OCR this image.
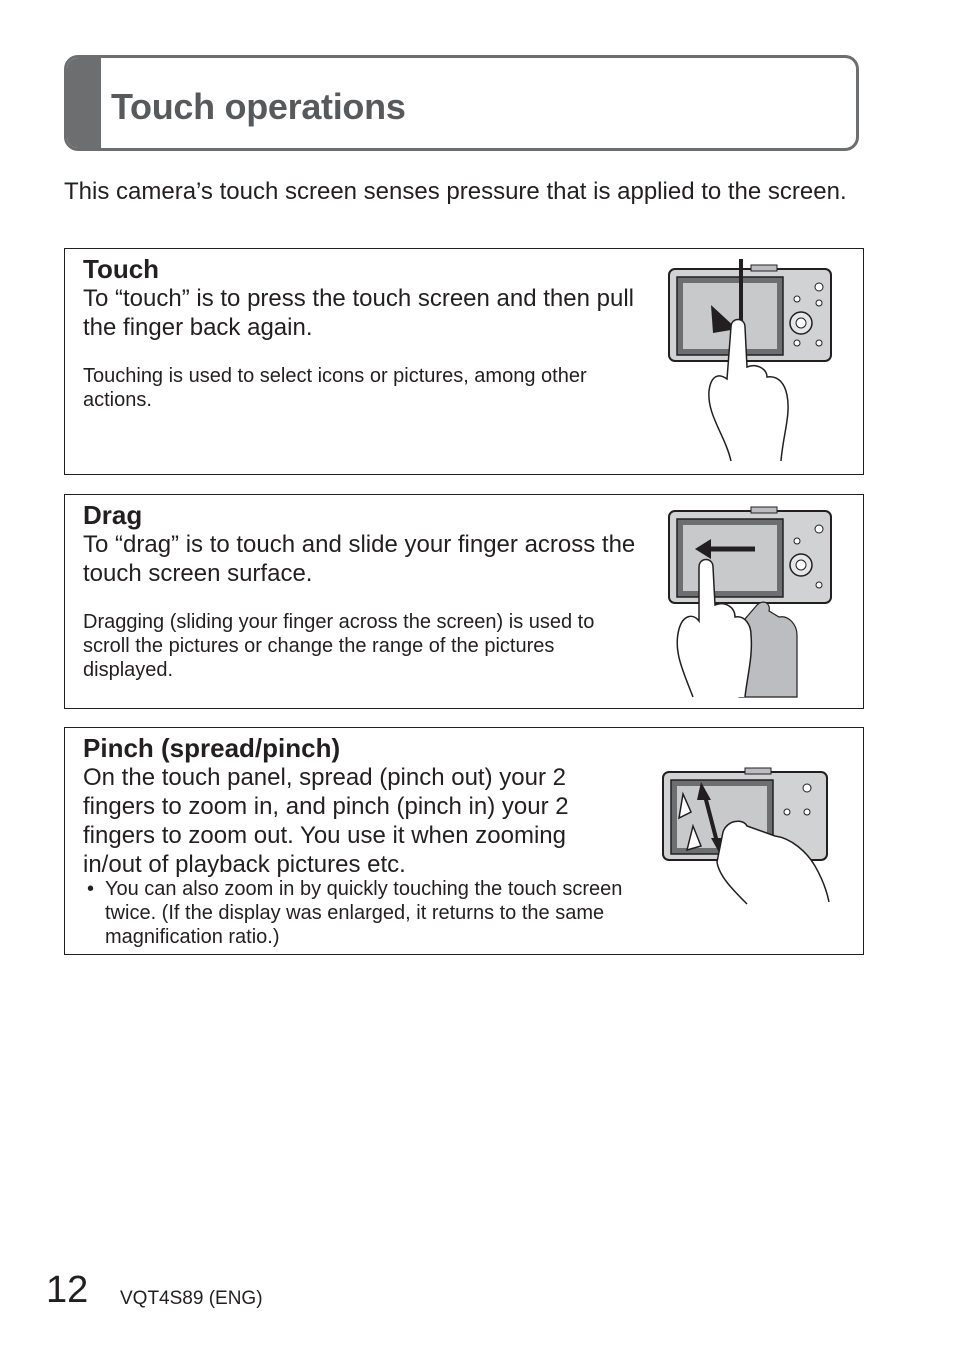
Touch operations

This camera’s touch screen senses pressure that is applied to the screen.

Touch

To “touch” is to press the touch screen and then pull the finger back again.

Touching is used to select icons or pictures, among other actions.

Drag

To “drag” is to touch and slide your finger across the touch screen surface.

Dragging (sliding your finger across the screen) is used to scroll the pictures or change the range of the pictures displayed.

Pinch (spread/pinch)

On the touch panel, spread (pinch out) your 2 fingers to zoom in, and pinch (pinch in) your 2 fingers to zoom out. You use it when zooming in/out of playback pictures etc.

• You can also zoom in by quickly touching the touch screen twice. (If the display was enlarged, it returns to the same magnification ratio.)

12 VQT4S89 (ENG)
